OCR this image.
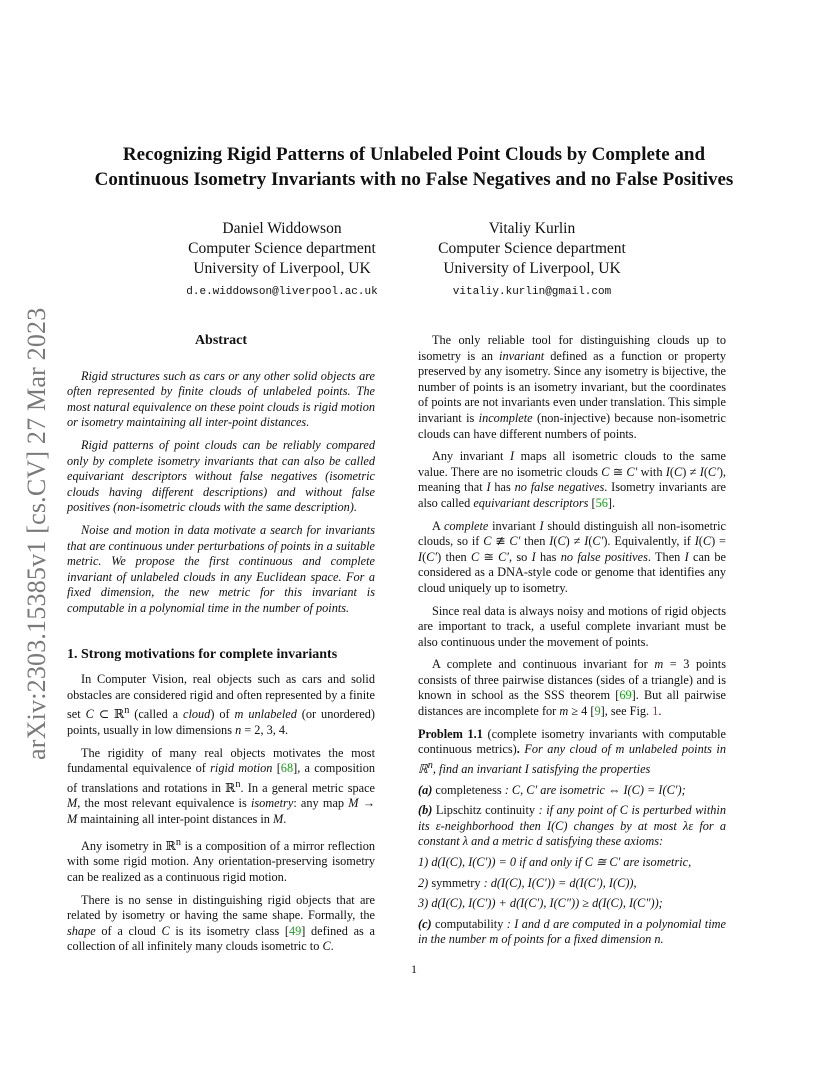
arXiv:2303.15385v1 [cs.CV] 27 Mar 2023
Recognizing Rigid Patterns of Unlabeled Point Clouds by Complete and
Continuous Isometry Invariants with no False Negatives and no False Positives
Daniel Widdowson
Computer Science department
University of Liverpool, UK
d.e.widdowson@liverpool.ac.uk
Vitaliy Kurlin
Computer Science department
University of Liverpool, UK
vitaliy.kurlin@gmail.com
Abstract

Rigid structures such as cars or any other solid objects are often represented by finite clouds of unlabeled points. The most natural equivalence on these point clouds is rigid motion or isometry maintaining all inter-point distances.

Rigid patterns of point clouds can be reliably compared only by complete isometry invariants that can also be called equivariant descriptors without false negatives (isometric clouds having different descriptions) and without false positives (non-isometric clouds with the same description).

Noise and motion in data motivate a search for invariants that are continuous under perturbations of points in a suitable metric. We propose the first continuous and complete invariant of unlabeled clouds in any Euclidean space. For a fixed dimension, the new metric for this invariant is computable in a polynomial time in the number of points.

1. Strong motivations for complete invariants

In Computer Vision, real objects such as cars and solid obstacles are considered rigid and often represented by a finite set C ⊂ ℝ$^n$ (called a cloud) of m unlabeled (or unordered) points, usually in low dimensions n = 2, 3, 4.

The rigidity of many real objects motivates the most fundamental equivalence of rigid motion [68], a composition of translations and rotations in ℝ$^n$. In a general metric space M, the most relevant equivalence is isometry: any map M → M maintaining all inter-point distances in M.

Any isometry in ℝ$^n$ is a composition of a mirror reflection with some rigid motion. Any orientation-preserving isometry can be realized as a continuous rigid motion.

There is no sense in distinguishing rigid objects that are related by isometry or having the same shape. Formally, the shape of a cloud C is its isometry class [49] defined as a collection of all infinitely many clouds isometric to C.

The only reliable tool for distinguishing clouds up to isometry is an invariant defined as a function or property preserved by any isometry. Since any isometry is bijective, the number of points is an isometry invariant, but the coordinates of points are not invariants even under translation. This simple invariant is incomplete (non-injective) because non-isometric clouds can have different numbers of points.

Any invariant I maps all isometric clouds to the same value. There are no isometric clouds C ≅ C′ with I(C) ≠ I(C′), meaning that I has no false negatives. Isometry invariants are also called equivariant descriptors [56].

A complete invariant I should distinguish all non-isometric clouds, so if C ≇ C′ then I(C) ≠ I(C′). Equivalently, if I(C) = I(C′) then C ≅ C′, so I has no false positives. Then I can be considered as a DNA-style code or genome that identifies any cloud uniquely up to isometry.

Since real data is always noisy and motions of rigid objects are important to track, a useful complete invariant must be also continuous under the movement of points.

A complete and continuous invariant for m = 3 points consists of three pairwise distances (sides of a triangle) and is known in school as the SSS theorem [69]. But all pairwise distances are incomplete for m ≥ 4 [9], see Fig. 1.

Problem 1.1 (complete isometry invariants with computable continuous metrics). For any cloud of m unlabeled points in ℝ$^n$, find an invariant I satisfying the properties

(a) completeness : C, C′ are isometric ⇔ I(C) = I(C′);

(b) Lipschitz continuity : if any point of C is perturbed within its ε-neighborhood then I(C) changes by at most λε for a constant λ and a metric d satisfying these axioms:

1) d(I(C), I(C′)) = 0 if and only if C ≅ C′ are isometric,

2) symmetry : d(I(C), I(C′)) = d(I(C′), I(C)),

3) d(I(C), I(C′)) + d(I(C′), I(C″)) ≥ d(I(C), I(C″));

(c) computability : I and d are computed in a polynomial time in the number m of points for a fixed dimension n.

1
